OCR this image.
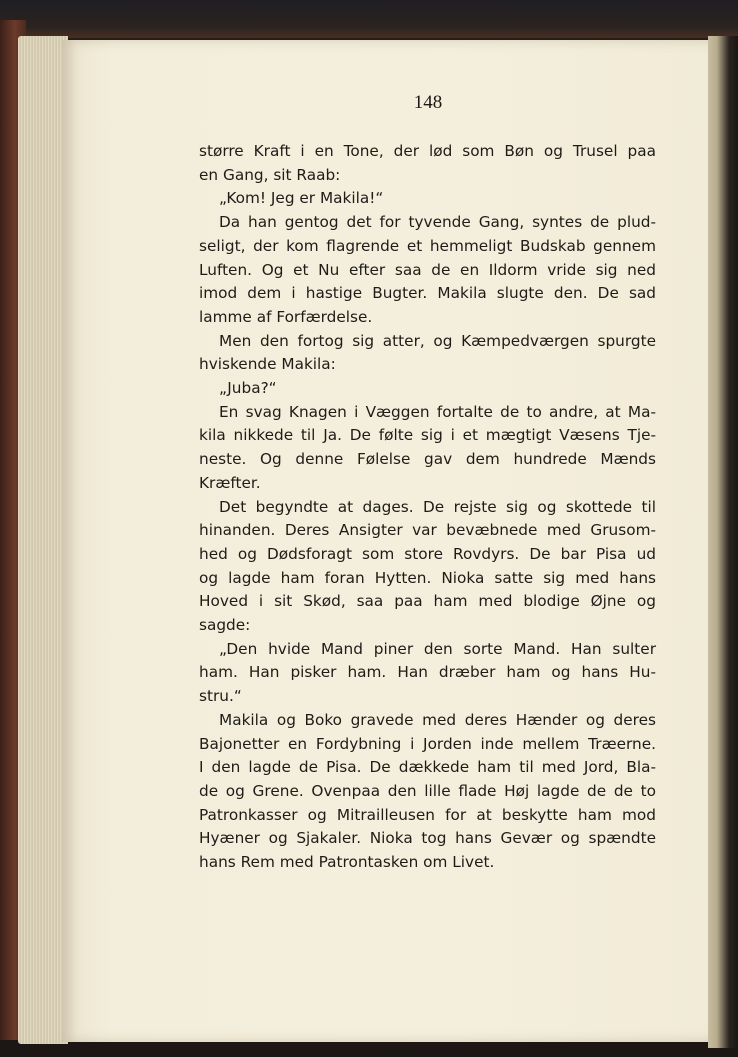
148

større Kraft i en Tone, der lød som Bøn og Trusel paa

en Gang, sit Raab:

„Kom! Jeg er Makila!“

Da han gentog det for tyvende Gang, syntes de plud-

seligt, der kom flagrende et hemmeligt Budskab gennem

Luften. Og et Nu efter saa de en Ildorm vride sig ned

imod dem i hastige Bugter. Makila slugte den. De sad

lamme af Forfærdelse.

Men den fortog sig atter, og Kæmpedværgen spurgte

hviskende Makila:

„Juba?“

En svag Knagen i Væggen fortalte de to andre, at Ma-

kila nikkede til Ja. De følte sig i et mægtigt Væsens Tje-

neste. Og denne Følelse gav dem hundrede Mænds

Kræfter.

Det begyndte at dages. De rejste sig og skottede til

hinanden. Deres Ansigter var bevæbnede med Grusom-

hed og Dødsforagt som store Rovdyrs. De bar Pisa ud

og lagde ham foran Hytten. Nioka satte sig med hans

Hoved i sit Skød, saa paa ham med blodige Øjne og

sagde:

„Den hvide Mand piner den sorte Mand. Han sulter

ham. Han pisker ham. Han dræber ham og hans Hu-

stru.“

Makila og Boko gravede med deres Hænder og deres

Bajonetter en Fordybning i Jorden inde mellem Træerne.

I den lagde de Pisa. De dækkede ham til med Jord, Bla-

de og Grene. Ovenpaa den lille flade Høj lagde de de to

Patronkasser og Mitrailleusen for at beskytte ham mod

Hyæner og Sjakaler. Nioka tog hans Gevær og spændte

hans Rem med Patrontasken om Livet.
